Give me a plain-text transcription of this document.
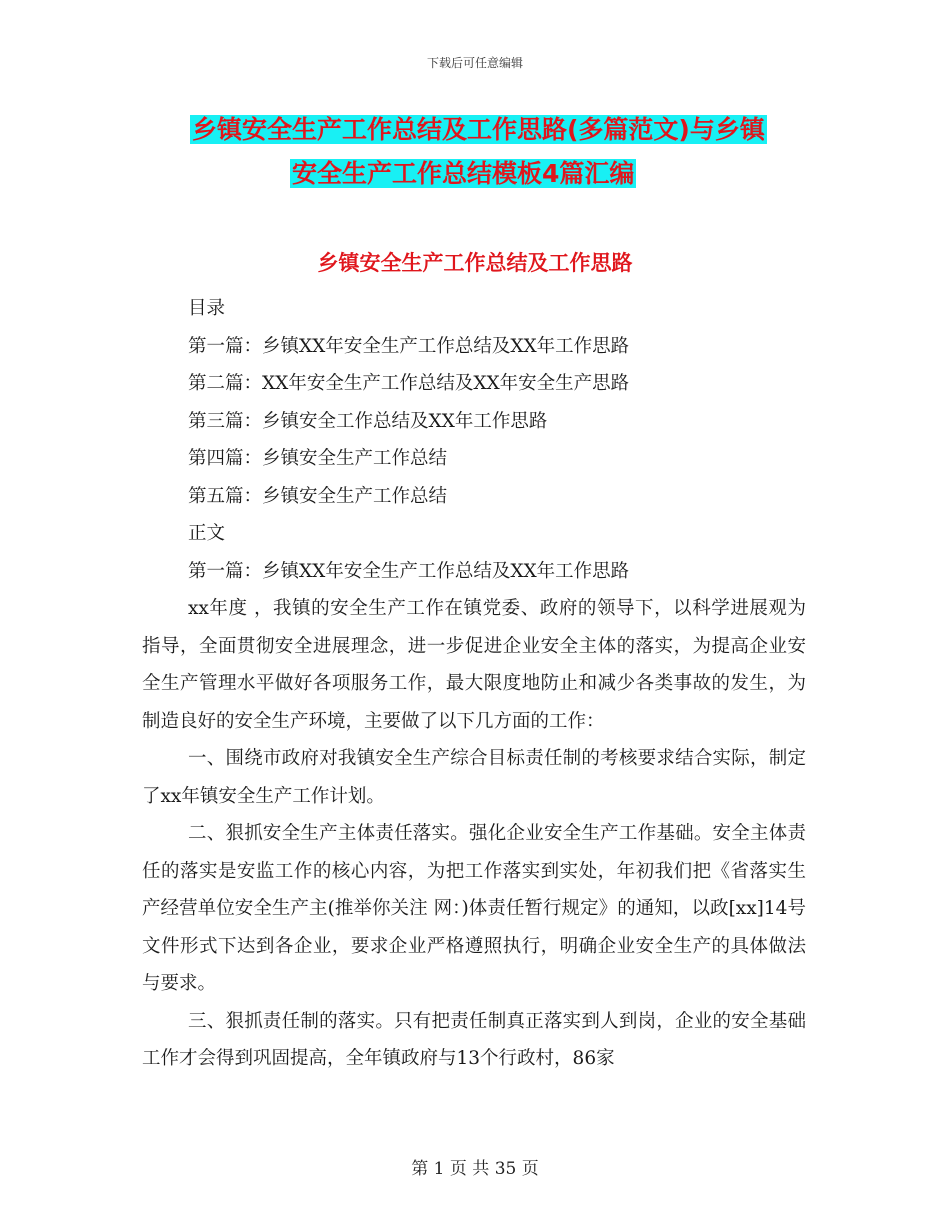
下载后可任意编辑
乡镇安全生产工作总结及工作思路(多篇范文)与乡镇
安全生产工作总结模板4篇汇编
乡镇安全生产工作总结及工作思路
目录
第一篇：乡镇XX年安全生产工作总结及XX年工作思路
第二篇：XX年安全生产工作总结及XX年安全生产思路
第三篇：乡镇安全工作总结及XX年工作思路
第四篇：乡镇安全生产工作总结
第五篇：乡镇安全生产工作总结
正文
第一篇：乡镇XX年安全生产工作总结及XX年工作思路

xx年度 ，我镇的安全生产工作在镇党委、政府的领导下，以科学进展观为指导，全面贯彻安全进展理念，进一步促进企业安全主体的落实，为提高企业安全生产管理水平做好各项服务工作，最大限度地防止和减少各类事故的发生，为制造良好的安全生产环境，主要做了以下几方面的工作：

一、围绕市政府对我镇安全生产综合目标责任制的考核要求结合实际，制定了xx年镇安全生产工作计划。

二、狠抓安全生产主体责任落实。强化企业安全生产工作基础。安全主体责任的落实是安监工作的核心内容，为把工作落实到实处，年初我们把《省落实生产经营单位安全生产主(推举你关注 网：)体责任暂行规定》的通知，以政[xx]14号文件形式下达到各企业，要求企业严格遵照执行，明确企业安全生产的具体做法与要求。

三、狠抓责任制的落实。只有把责任制真正落实到人到岗，企业的安全基础工作才会得到巩固提高，全年镇政府与13个行政村，86家

第 1 页 共 35 页
